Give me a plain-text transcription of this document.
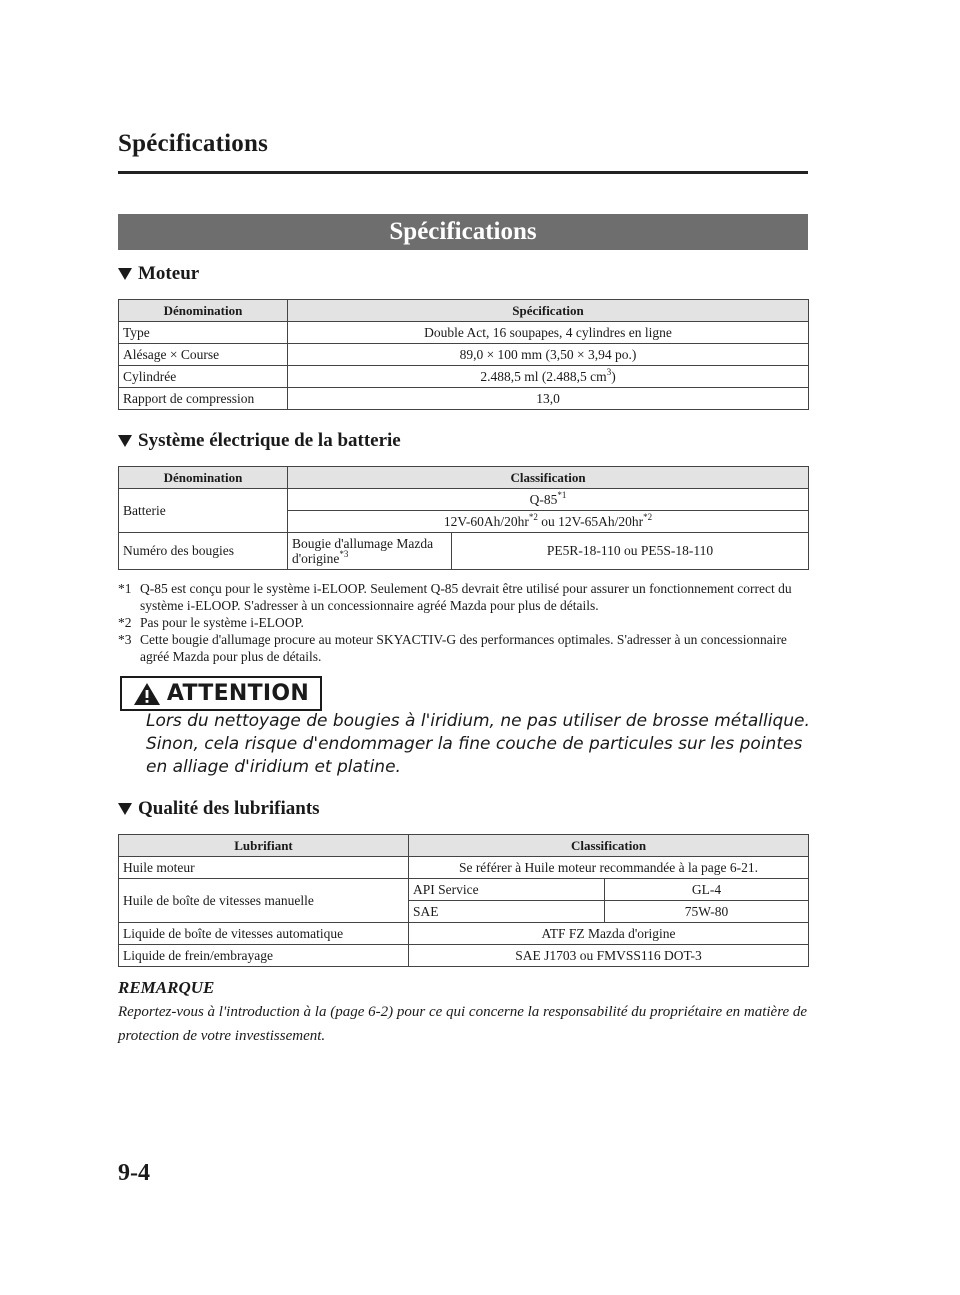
Spécifications
Spécifications
Moteur
Dénomination	Spécification
Type	Double Act, 16 soupapes, 4 cylindres en ligne
Alésage × Course	89,0 × 100 mm (3,50 × 3,94 po.)
Cylindrée	2.488,5 ml (2.488,5 $cm^3$)
Rapport de compression	13,0
Système électrique de la batterie
Dénomination	Classification	
Batterie	Q-85$^{*1}$
	$12V-60Ah/20hr^{*2}$ ou $12V-65Ah/20hr^{*2}$
Numéro des bougies	Bougie d'allumage Mazda d'origine$^{*3}$	PE5R-18-110 ou PE5S-18-110
*1 Q-85 est conçu pour le système i-ELOOP. Seulement Q-85 devrait être utilisé pour assurer un fonctionnement correct du système i-ELOOP. S'adresser à un concessionnaire agréé Mazda pour plus de détails.
*2 Pas pour le système i-ELOOP.
*3 Cette bougie d'allumage procure au moteur SKYACTIV-G des performances optimales. S'adresser à un concessionnaire agréé Mazda pour plus de détails.
ATTENTION
Lors du nettoyage de bougies à l'iridium, ne pas utiliser de brosse métallique. Sinon, cela risque d'endommager la fine couche de particules sur les pointes en alliage d'iridium et platine.
Qualité des lubrifiants
Lubrifiant	Classification	
Huile moteur	Se référer à Huile moteur recommandée à la page 6-21.	
Huile de boîte de vitesses manuelle	API Service	GL-4
	SAE	75W-80
Liquide de boîte de vitesses automatique	ATF FZ Mazda d'origine	
Liquide de frein/embrayage	SAE J1703 ou FMVSS116 DOT-3	
REMARQUE
Reportez-vous à l'introduction à la (page 6-2) pour ce qui concerne la responsabilité du propriétaire en matière de protection de votre investissement.
9-4
